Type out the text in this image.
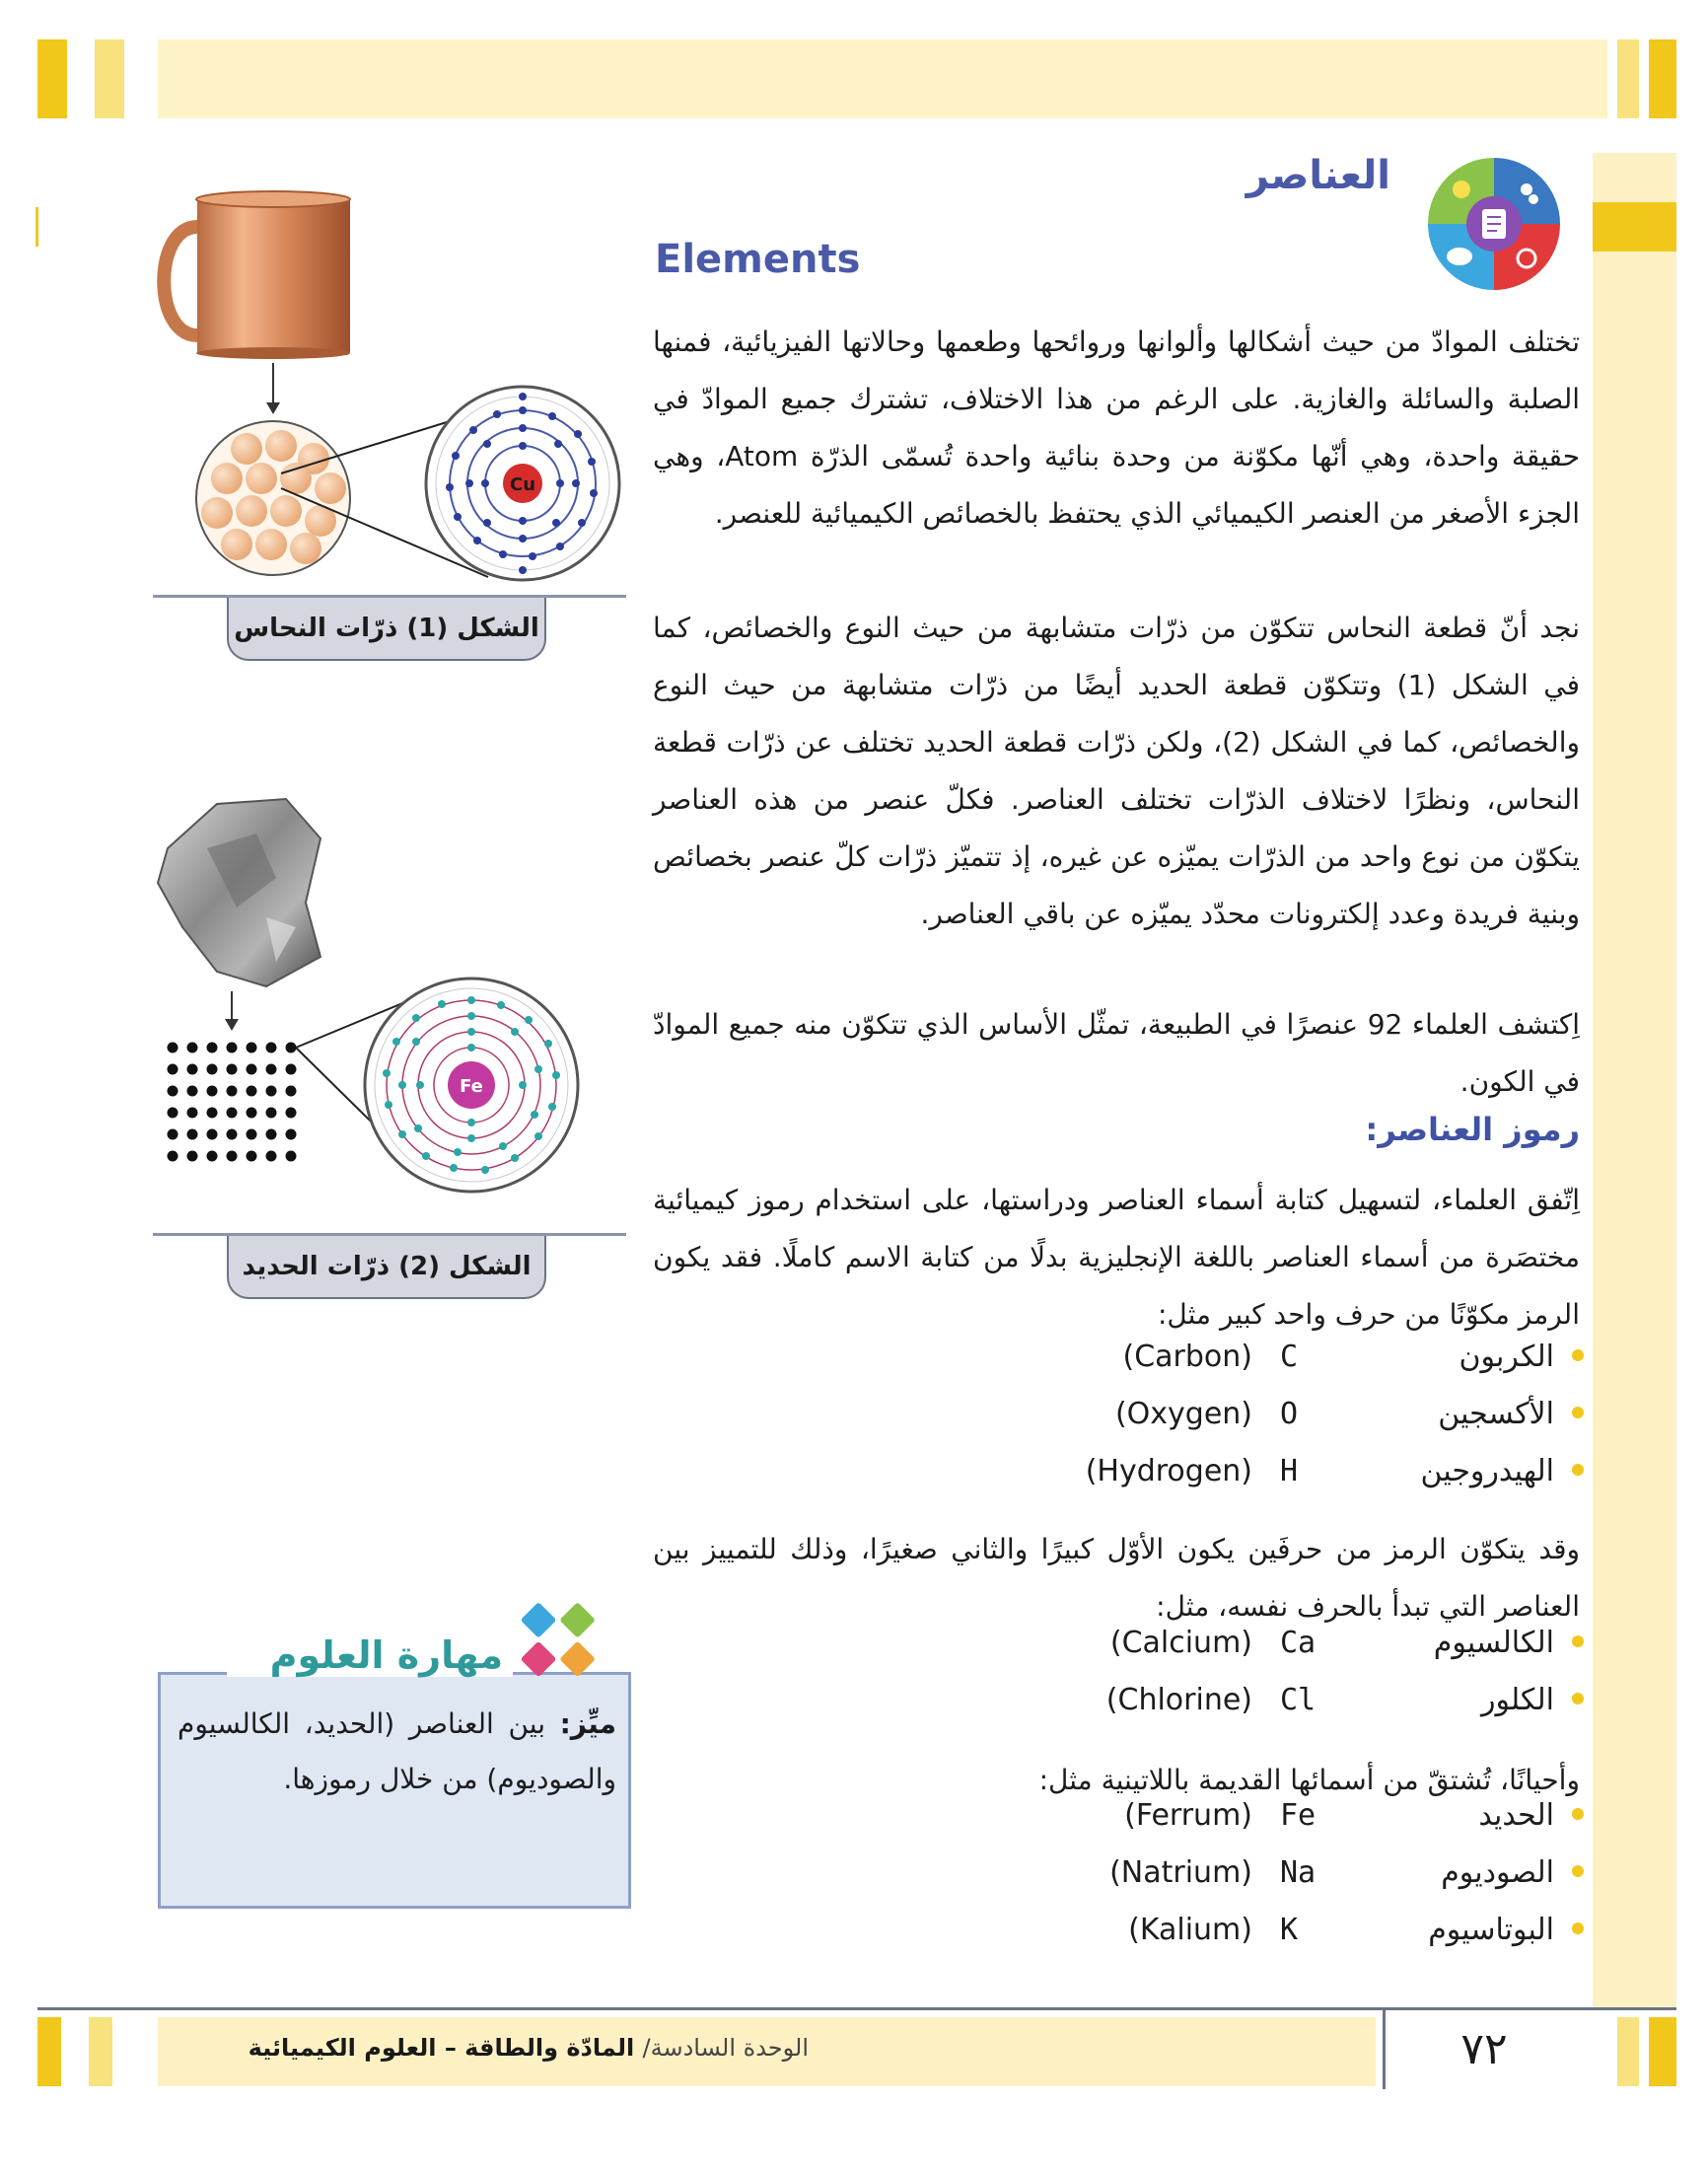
العناصر
Elements

تختلف الموادّ من حيث أشكالها وألوانها وروائحها وطعمها وحالاتها الفيزيائية، فمنها الصلبة والسائلة والغازية. على الرغم من هذا الاختلاف، تشترك جميع الموادّ في حقيقة واحدة، وهي أنّها مكوّنة من وحدة بنائية واحدة تُسمّى الذرّة Atom، وهي الجزء الأصغر من العنصر الكيميائي الذي يحتفظ بالخصائص الكيميائية للعنصر.

نجد أنّ قطعة النحاس تتكوّن من ذرّات متشابهة من حيث النوع والخصائص، كما في الشكل (1) وتتكوّن قطعة الحديد أيضًا من ذرّات متشابهة من حيث النوع والخصائص، كما في الشكل (2)، ولكن ذرّات قطعة الحديد تختلف عن ذرّات قطعة النحاس، ونظرًا لاختلاف الذرّات تختلف العناصر. فكلّ عنصر من هذه العناصر يتكوّن من نوع واحد من الذرّات يميّزه عن غيره، إذ تتميّز ذرّات كلّ عنصر بخصائص وبنية فريدة وعدد إلكترونات محدّد يميّزه عن باقي العناصر.

اِكتشف العلماء 92 عنصرًا في الطبيعة، تمثّل الأساس الذي تتكوّن منه جميع الموادّ في الكون.

رموز العناصر:

اِتّفق العلماء، لتسهيل كتابة أسماء العناصر ودراستها، على استخدام رموز كيميائية مختصَرة من أسماء العناصر باللغة الإنجليزية بدلًا من كتابة الاسم كاملًا. فقد يكون الرمز مكوّنًا من حرف واحد كبير مثل:

الكربون
C
(Carbon)
الأكسجين
O
(Oxygen)
الهيدروجين
H
(Hydrogen)

وقد يتكوّن الرمز من حرفَين يكون الأوّل كبيرًا والثاني صغيرًا، وذلك للتمييز بين العناصر التي تبدأ بالحرف نفسه، مثل:

الكالسيوم
Ca
(Calcium)
الكلور
Cl
(Chlorine)

وأحيانًا، تُشتقّ من أسمائها القديمة باللاتينية مثل:

الحديد
Fe
(Ferrum)
الصوديوم
Na
(Natrium)
البوتاسيوم
K
(Kalium)
Cu
الشكل (1) ذرّات النحاس
Fe
الشكل (2) ذرّات الحديد
مهارة العلوم

ميِّز: بين العناصر (الحديد، الكالسيوم والصوديوم) من خلال رموزها.

الوحدة السادسة/ المادّة والطاقة – العلوم الكيميائية	٧٢
